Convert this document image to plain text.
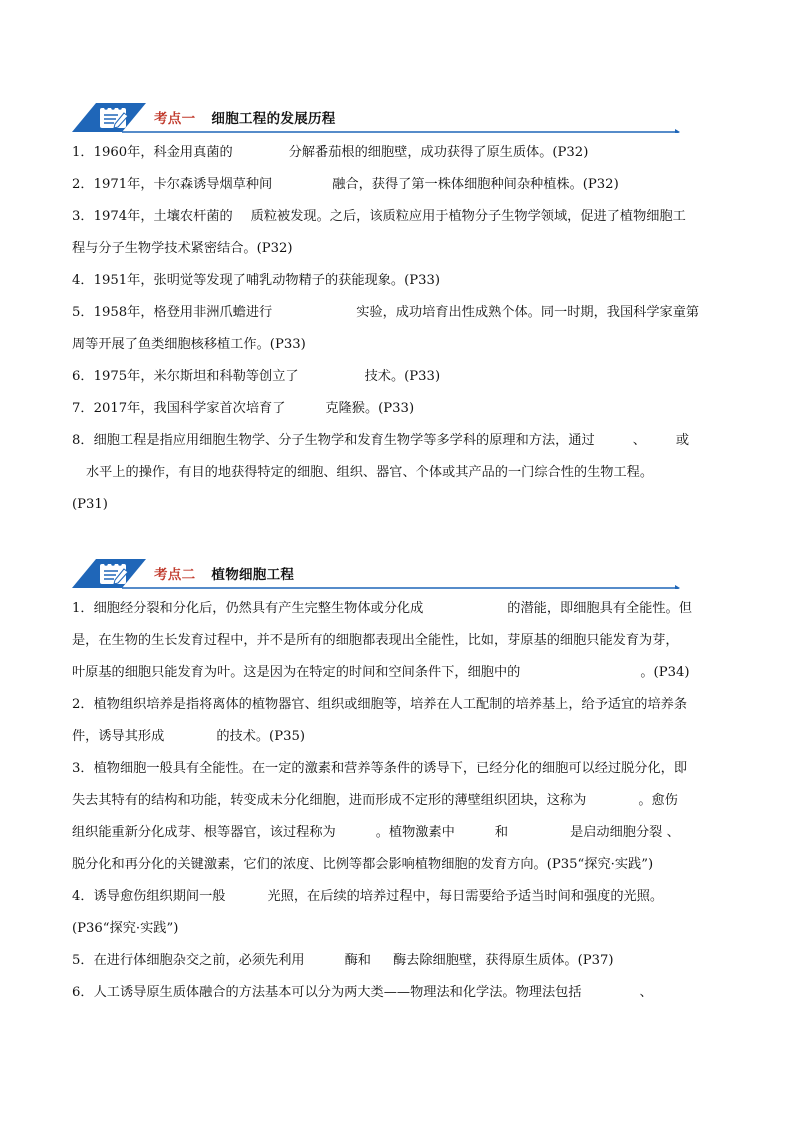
考点一 细胞工程的发展历程
1．1960年，科金用真菌的	分解番茄根的细胞壁，成功获得了原生质体。(P32)
2．1971年，卡尔森诱导烟草种间	融合，获得了第一株体细胞种间杂种植株。(P32)
3．1974年，土壤农杆菌的 质粒被发现。之后，该质粒应用于植物分子生物学领域，促进了植物细胞工
程与分子生物学技术紧密结合。(P32)
4．1951年，张明觉等发现了哺乳动物精子的获能现象。(P33)
5．1958年，格登用非洲爪蟾进行	实验，成功培育出性成熟个体。同一时期，我国科学家童第
周等开展了鱼类细胞核移植工作。(P33)
6．1975年，米尔斯坦和科勒等创立了	技术。(P33)
7．2017年，我国科学家首次培育了	克隆猴。(P33)
8．细胞工程是指应用细胞生物学、分子生物学和发育生物学等多学科的原理和方法，通过	、 或
水平上的操作，有目的地获得特定的细胞、组织、器官、个体或其产品的一门综合性的生物工程。
(P31)
考点二 植物细胞工程
1．细胞经分裂和分化后，仍然具有产生完整生物体或分化成	的潜能，即细胞具有全能性。但
是，在生物的生长发育过程中，并不是所有的细胞都表现出全能性，比如，芽原基的细胞只能发育为芽，
叶原基的细胞只能发育为叶。这是因为在特定的时间和空间条件下，细胞中的	。(P34)
2．植物组织培养是指将离体的植物器官、组织或细胞等，培养在人工配制的培养基上，给予适宜的培养条
件，诱导其形成	的技术。(P35)
3．植物细胞一般具有全能性。在一定的激素和营养等条件的诱导下，已经分化的细胞可以经过脱分化，即
失去其特有的结构和功能，转变成未分化细胞，进而形成不定形的薄壁组织团块，这称为	。愈伤
组织能重新分化成芽、根等器官，该过程称为	。植物激素中	和	是启动细胞分裂 、
脱分化和再分化的关键激素，它们的浓度、比例等都会影响植物细胞的发育方向。(P35“探究·实践”)
4．诱导愈伤组织期间一般	光照，在后续的培养过程中，每日需要给予适当时间和强度的光照。
(P36“探究·实践”)
5．在进行体细胞杂交之前，必须先利用	酶和 酶去除细胞壁，获得原生质体。(P37)
6．人工诱导原生质体融合的方法基本可以分为两大类——物理法和化学法。物理法包括	、
